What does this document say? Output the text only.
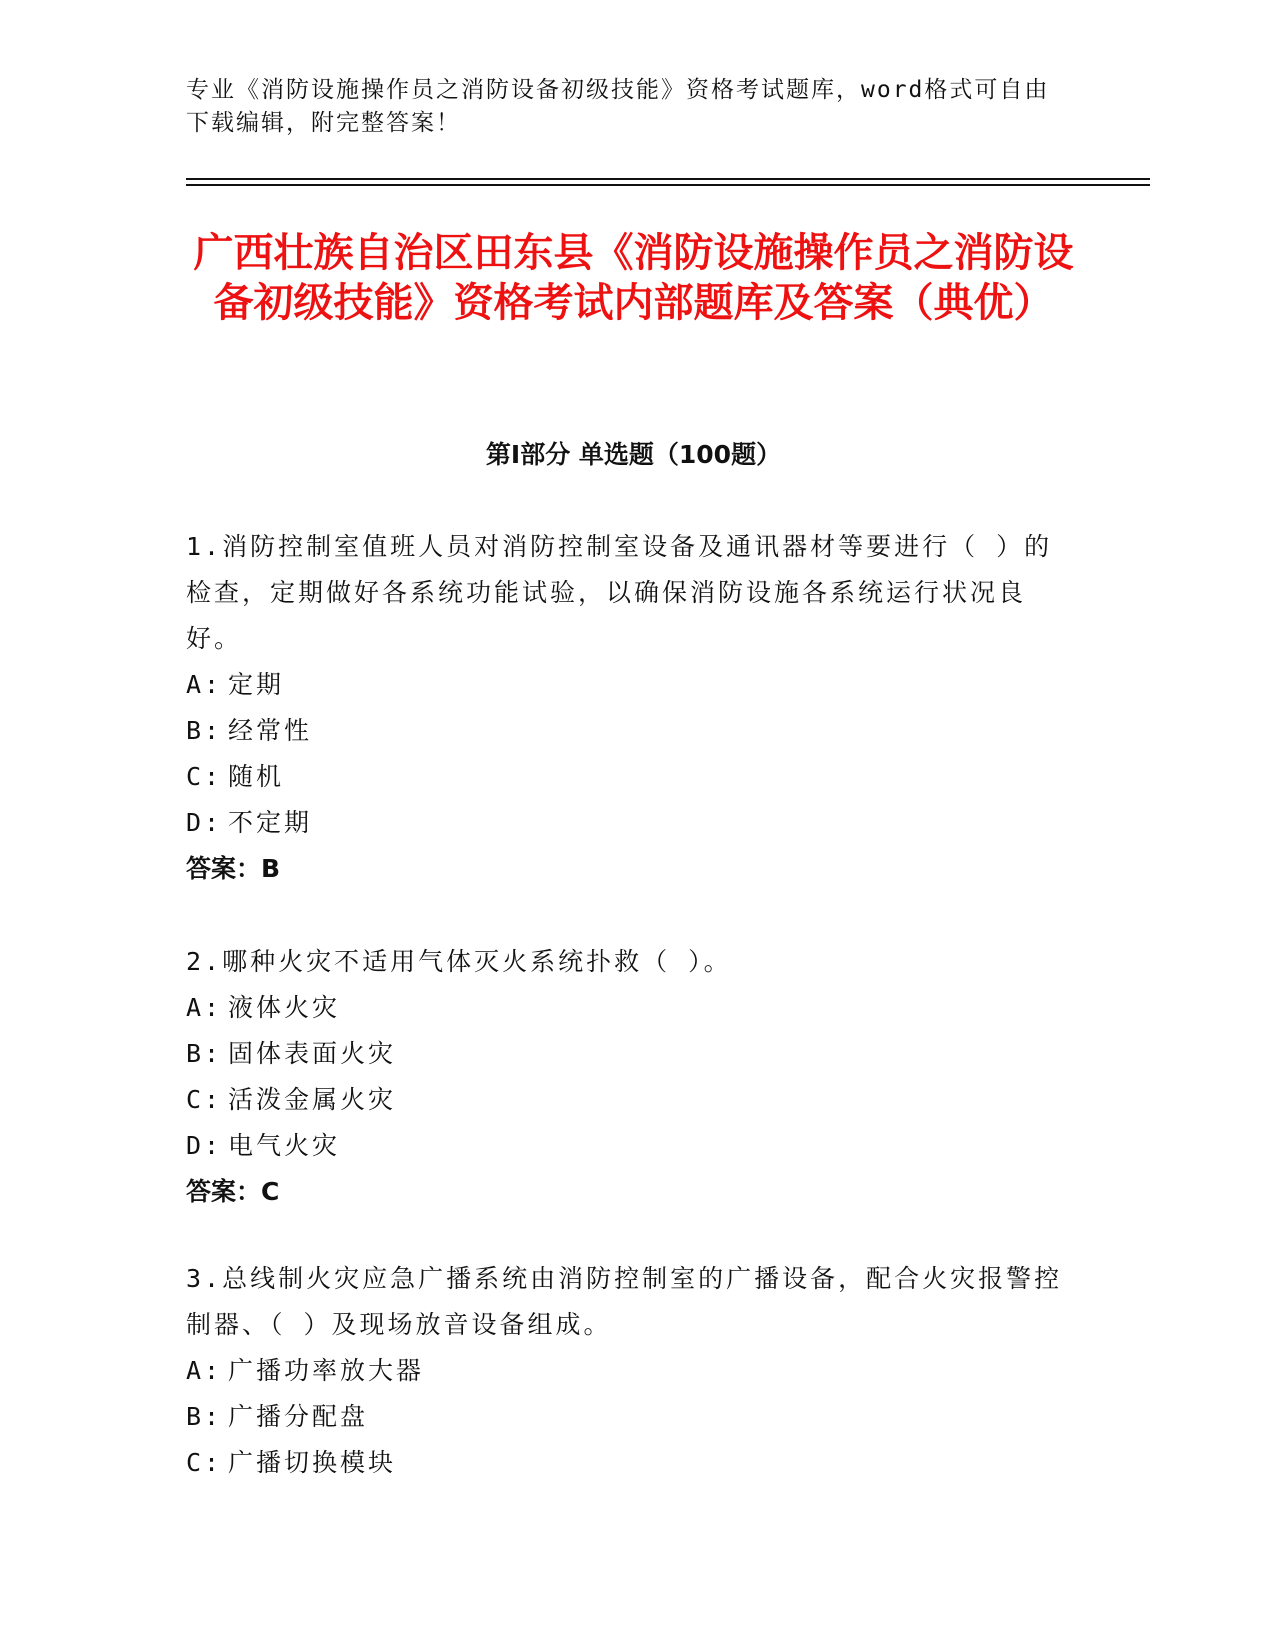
专业《消防设施操作员之消防设备初级技能》资格考试题库，word格式可自由下载编辑，附完整答案！
广西壮族自治区田东县《消防设施操作员之消防设备初级技能》资格考试内部题库及答案（典优）
第I部分 单选题（100题）
1.消防控制室值班人员对消防控制室设备及通讯器材等要进行（ ）的检查，定期做好各系统功能试验，以确保消防设施各系统运行状况良好。
A: 定期
B: 经常性
C: 随机
D: 不定期
答案：B
2.哪种火灾不适用气体灭火系统扑救（ ）。
A: 液体火灾
B: 固体表面火灾
C: 活泼金属火灾
D: 电气火灾
答案：C
3.总线制火灾应急广播系统由消防控制室的广播设备，配合火灾报警控制器、（ ）及现场放音设备组成。
A: 广播功率放大器
B: 广播分配盘
C: 广播切换模块
